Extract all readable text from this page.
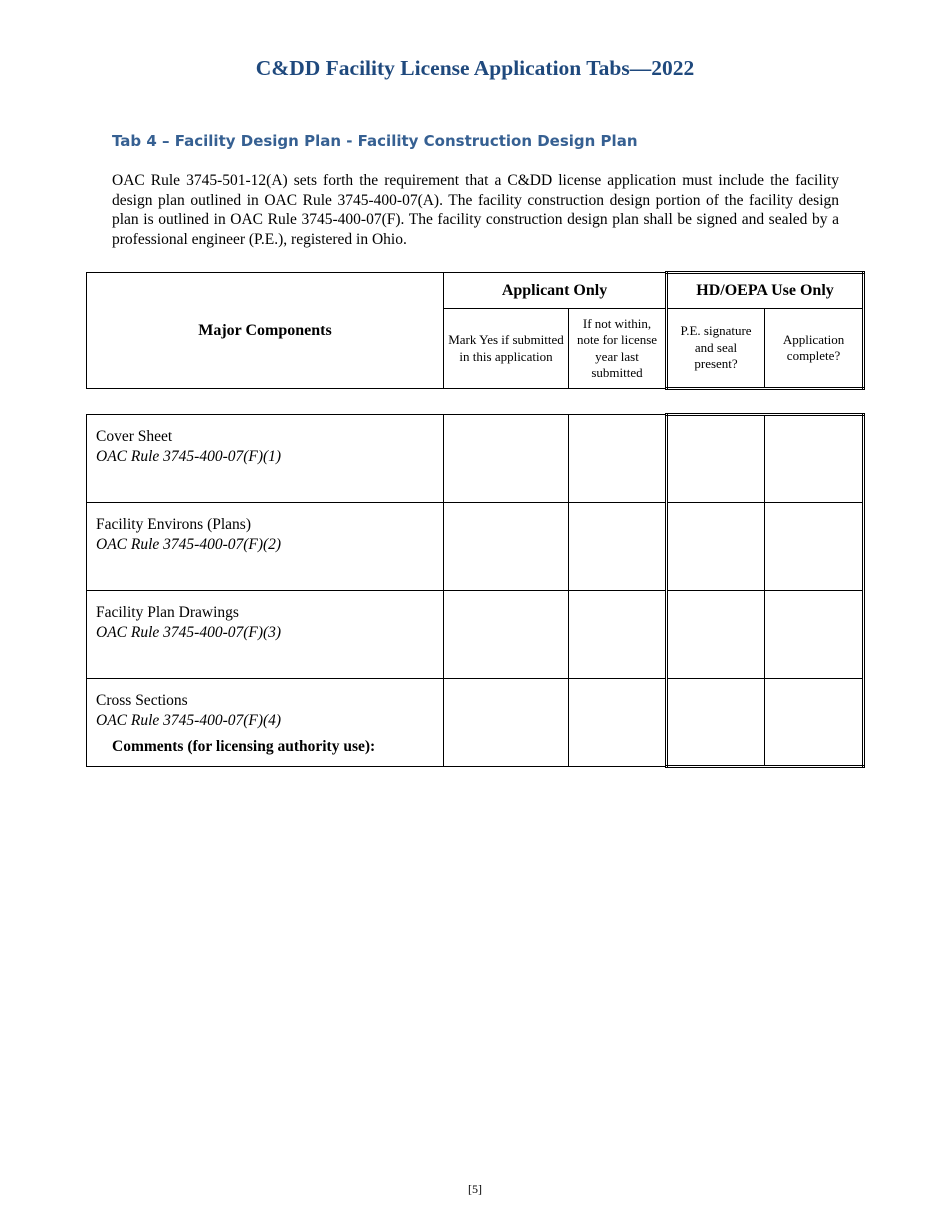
C&DD Facility License Application Tabs—2022
Tab 4 – Facility Design Plan - Facility Construction Design Plan

OAC Rule 3745-501-12(A) sets forth the requirement that a C&DD license application must include the facility design plan outlined in OAC Rule 3745-400-07(A). The facility construction design portion of the facility design plan is outlined in OAC Rule 3745-400-07(F). The facility construction design plan shall be signed and sealed by a professional engineer (P.E.), registered in Ohio.

Major Components	Applicant Only		HD/OEPA Use Only	
	Mark Yes if submitted in this application	If not within, note for license year last submitted	P.E. signature and seal present?	Application complete?
Cover Sheet
OAC Rule 3745-400-07(F)(1)				

Facility Environs (Plans)
OAC Rule 3745-400-07(F)(2)				

Facility Plan Drawings
OAC Rule 3745-400-07(F)(3)				

Cross Sections
OAC Rule 3745-400-07(F)(4)				

Comments (for licensing authority use):
[5]
